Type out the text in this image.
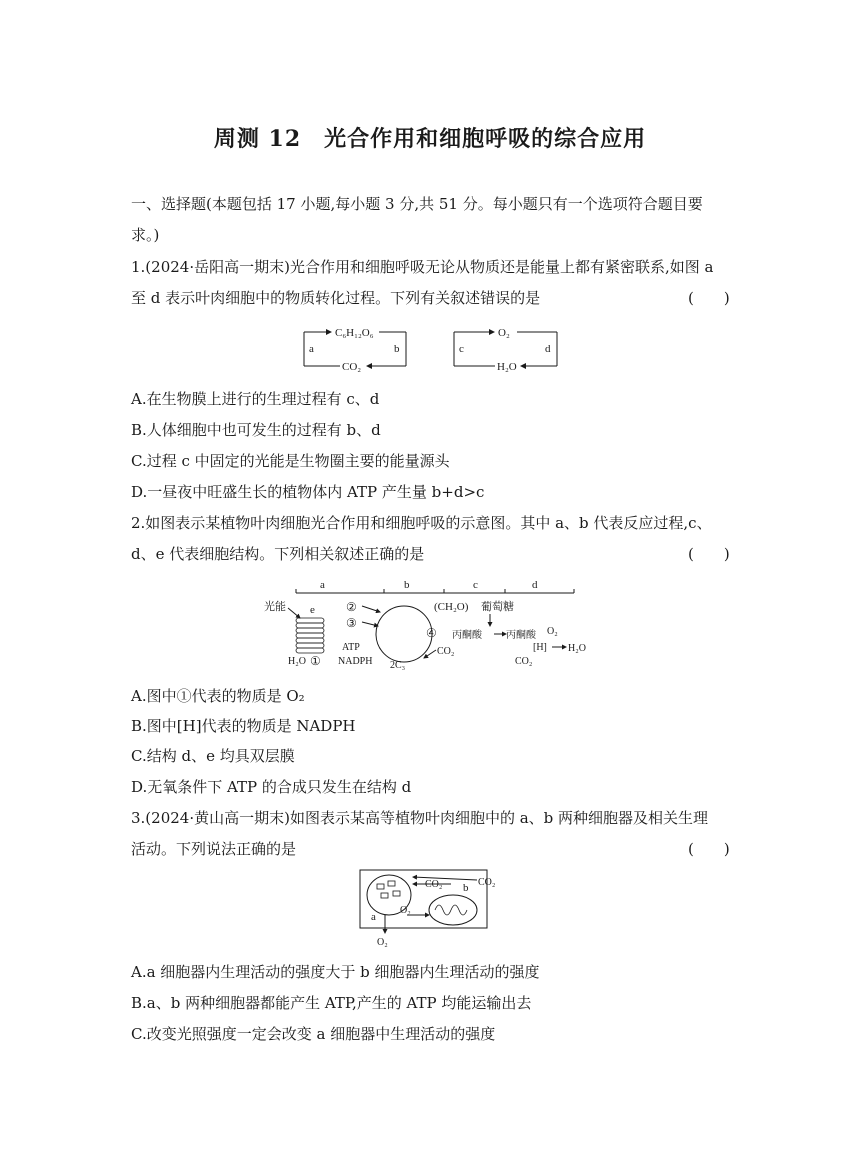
周测 12　光合作用和细胞呼吸的综合应用
一、选择题(本题包括 17 小题,每小题 3 分,共 51 分。每小题只有一个选项符合题目要
求。)
1.(2024·岳阳高一期末)光合作用和细胞呼吸无论从物质还是能量上都有紧密联系,如图 a
至 d 表示叶肉细胞中的物质转化过程。下列有关叙述错误的是	(　　)
C₆H₁₂O₆
CO₂
a	b
O₂
H₂O
c	d
A.在生物膜上进行的生理过程有 c、d
B.人体细胞中也可发生的过程有 b、d
C.过程 c 中固定的光能是生物圈主要的能量源头
D.一昼夜中旺盛生长的植物体内 ATP 产生量 b+d>c
2.如图表示某植物叶肉细胞光合作用和细胞呼吸的示意图。其中 a、b 代表反应过程,c、
d、e 代表细胞结构。下列相关叙述正确的是	(　　)
a	b	c	d
光能 e
H₂O ①
②
③
ATP
NADPH
④
2C₃
(CH₂O) 葡萄糖
CO₂
丙酮酸 丙酮酸 O₂
[H] H₂O
CO₂
A.图中①代表的物质是 O₂
B.图中[H]代表的物质是 NADPH
C.结构 d、e 均具双层膜
D.无氧条件下 ATP 的合成只发生在结构 d
3.(2024·黄山高一期末)如图表示某高等植物叶肉细胞中的 a、b 两种细胞器及相关生理
活动。下列说法正确的是	(　　)
a
b
CO₂	CO₂
O₂
O₂
A.a 细胞器内生理活动的强度大于 b 细胞器内生理活动的强度
B.a、b 两种细胞器都能产生 ATP,产生的 ATP 均能运输出去
C.改变光照强度一定会改变 a 细胞器中生理活动的强度
